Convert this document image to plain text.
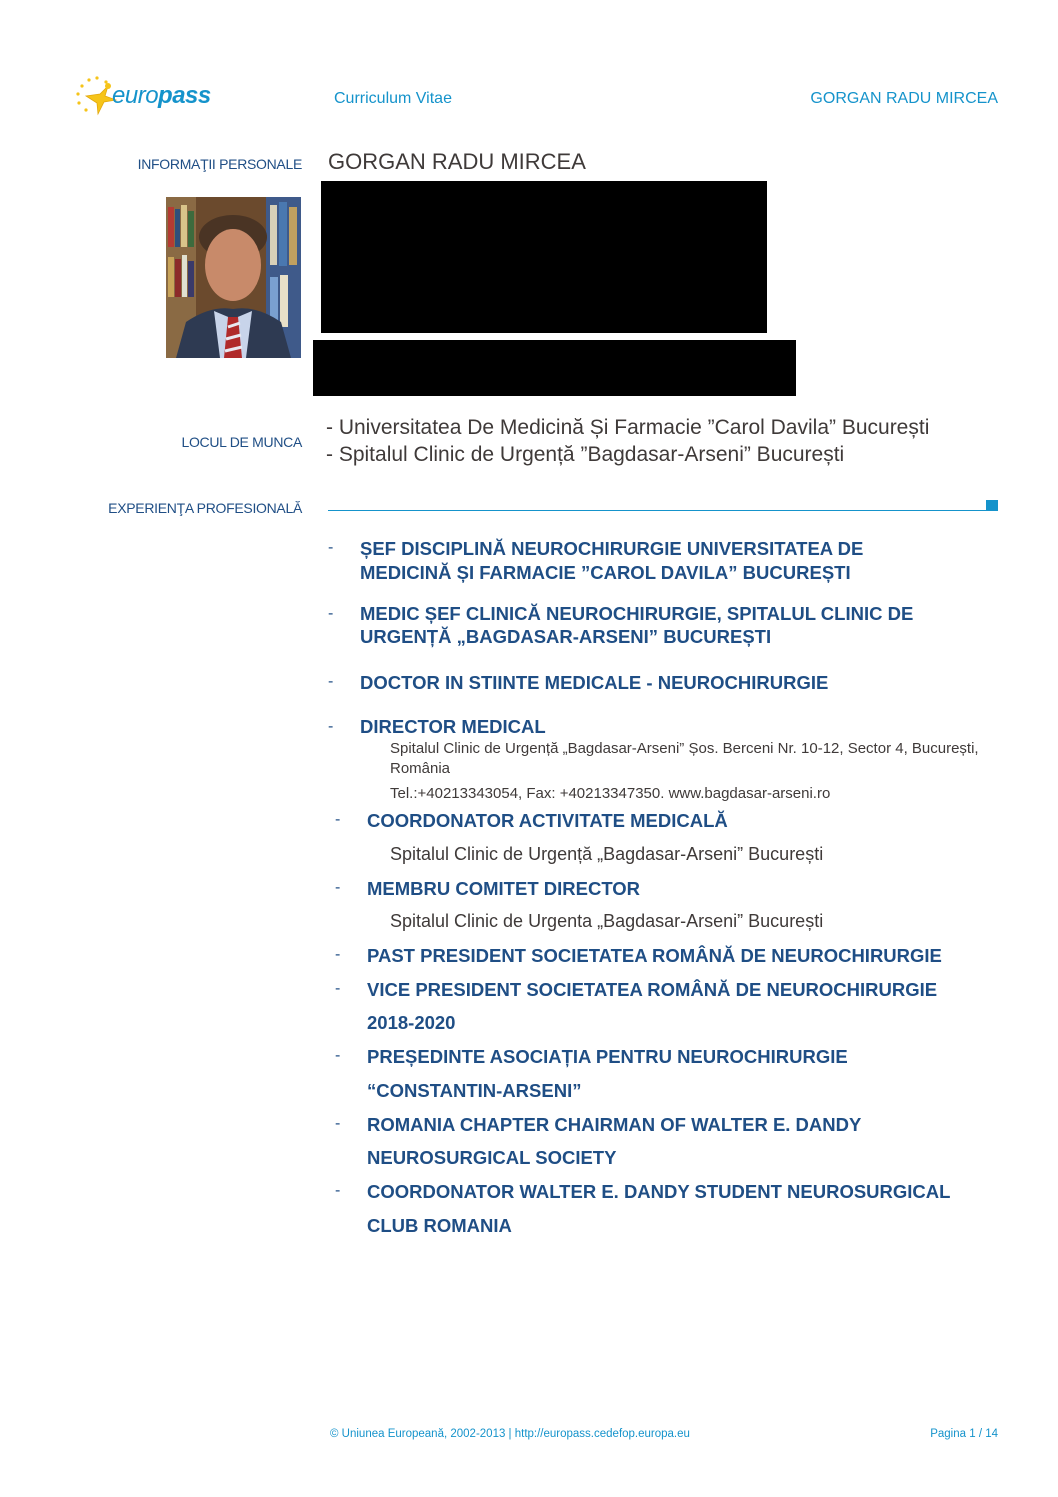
europass	Curriculum Vitae	GORGAN RADU MIRCEA
INFORMAŢII PERSONALE GORGAN RADU MIRCEA
LOCUL DE MUNCA
- Universitatea De Medicină Și Farmacie ”Carol Davila” București
- Spitalul Clinic de Urgență ”Bagdasar-Arseni” București
EXPERIENŢA PROFESIONALĂ
- ȘEF DISCIPLINĂ NEUROCHIRURGIE UNIVERSITATEA DE
MEDICINĂ ȘI FARMACIE ”CAROL DAVILA” BUCUREȘTI
- MEDIC ȘEF CLINICĂ NEUROCHIRURGIE, SPITALUL CLINIC DE
URGENȚĂ „BAGDASAR-ARSENI” BUCUREȘTI
- DOCTOR IN STIINTE MEDICALE - NEUROCHIRURGIE
- DIRECTOR MEDICAL
Spitalul Clinic de Urgență „Bagdasar-Arseni” Șos. Berceni Nr. 10-12, Sector 4, București,
România
Tel.:+40213343054, Fax: +40213347350. www.bagdasar-arseni.ro
- COORDONATOR ACTIVITATE MEDICALĂ
Spitalul Clinic de Urgență „Bagdasar-Arseni” București
- MEMBRU COMITET DIRECTOR
Spitalul Clinic de Urgenta „Bagdasar-Arseni” București
- PAST PRESIDENT SOCIETATEA ROMÂNĂ DE NEUROCHIRURGIE
- VICE PRESIDENT SOCIETATEA ROMÂNĂ DE NEUROCHIRURGIE
2018-2020
- PREȘEDINTE ASOCIAȚIA PENTRU NEUROCHIRURGIE
“CONSTANTIN-ARSENI”
- ROMANIA CHAPTER CHAIRMAN OF WALTER E. DANDY
NEUROSURGICAL SOCIETY
- COORDONATOR WALTER E. DANDY STUDENT NEUROSURGICAL
CLUB ROMANIA
© Uniunea Europeană, 2002-2013 | http://europass.cedefop.europa.eu	Pagina 1 / 14
